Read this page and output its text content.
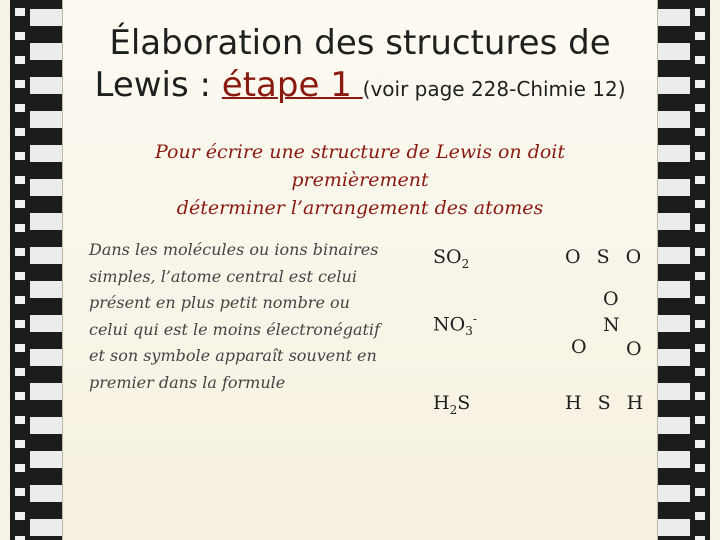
Élaboration des structures de
Lewis : étape 1 (voir page 228-Chimie 12)
Pour écrire une structure de Lewis on doit premièrement
déterminer l’arrangement des atomes
Dans les molécules ou ions binaires simples, l’atome central est celui présent en plus petit nombre ou celui qui est le moins électronégatif et son symbole apparaît souvent en premier dans la formule
$SO_2$	O S O
$NO_3^-$
O
N
O O
$H_2S$	H S H
